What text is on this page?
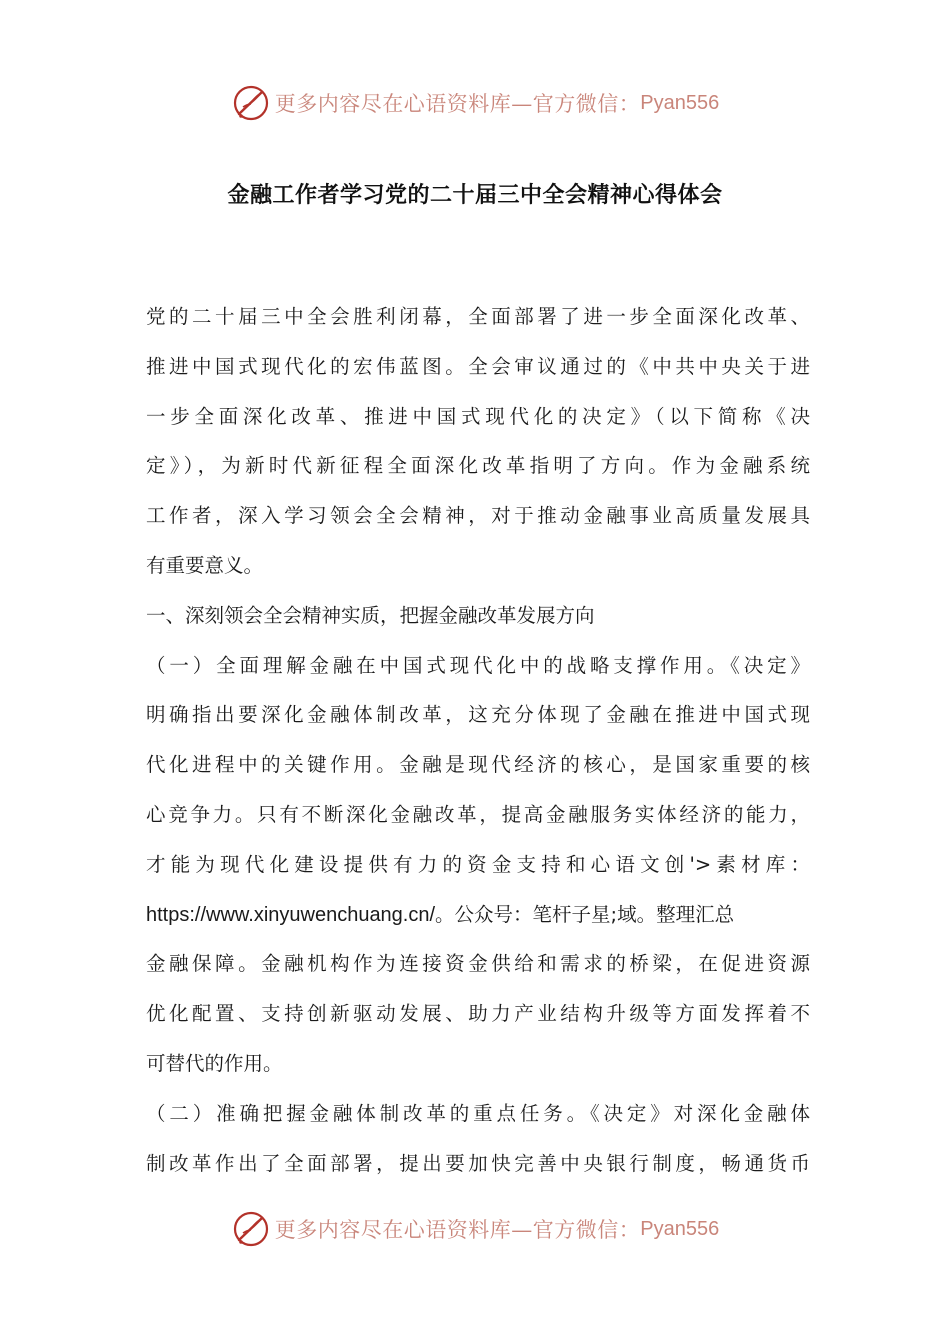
更多内容尽在心语资料库—官方微信： Pyan556
金融工作者学习党的二十届三中全会精神心得体会
党的二十届三中全会胜利闭幕，全面部署了进一步全面深化改革、
推进中国式现代化的宏伟蓝图。全会审议通过的《中共中央关于进
一步全面深化改革、推进中国式现代化的决定》（以下简称《决
定》），为新时代新征程全面深化改革指明了方向。作为金融系统
工作者，深入学习领会全会精神，对于推动金融事业高质量发展具
有重要意义。
一、深刻领会全会精神实质，把握金融改革发展方向
（一）全面理解金融在中国式现代化中的战略支撑作用。《决定》
明确指出要深化金融体制改革，这充分体现了金融在推进中国式现
代化进程中的关键作用。金融是现代经济的核心，是国家重要的核
心竞争力。只有不断深化金融改革，提高金融服务实体经济的能力，
才能为现代化建设提供有力的资金支持和心语文创'>素材库：
https://www.xinyuwenchuang.cn/。公众号：笔杆子星;域。整理汇总
金融保障。金融机构作为连接资金供给和需求的桥梁，在促进资源
优化配置、支持创新驱动发展、助力产业结构升级等方面发挥着不
可替代的作用。
（二）准确把握金融体制改革的重点任务。《决定》对深化金融体
制改革作出了全面部署，提出要加快完善中央银行制度，畅通货币
更多内容尽在心语资料库—官方微信： Pyan556
